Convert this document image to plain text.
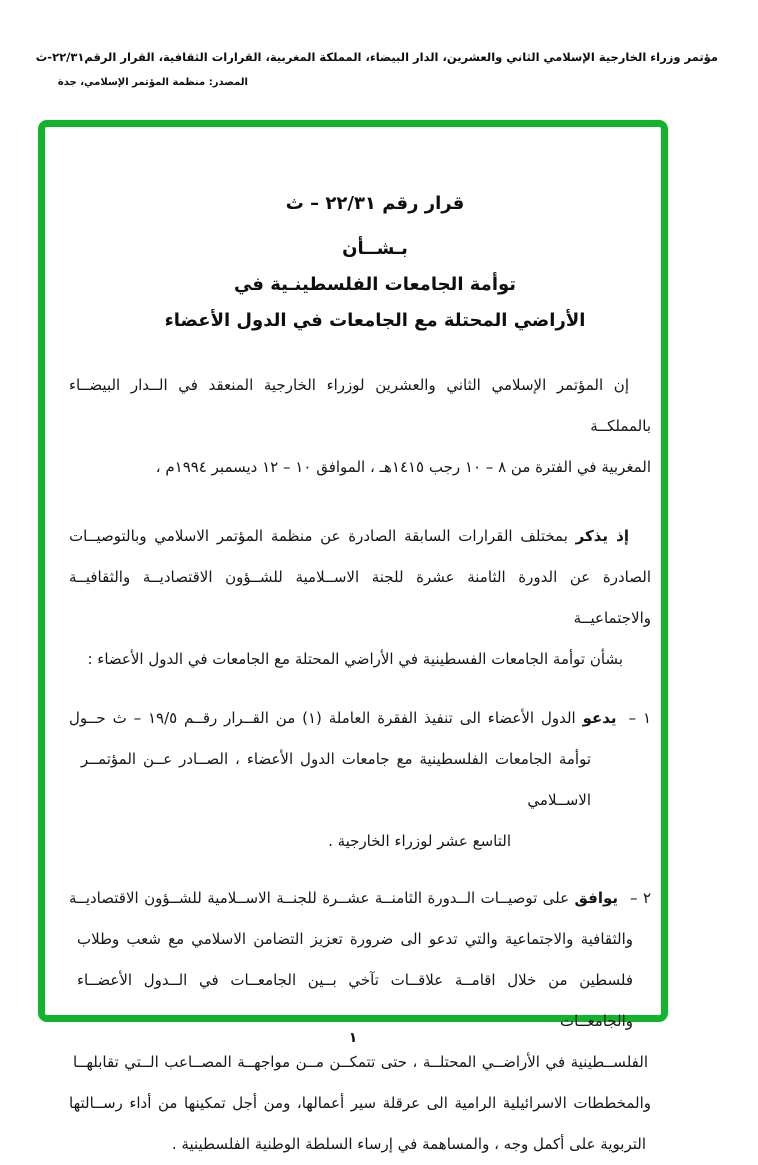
مؤتمر وزراء الخارجية الإسلامي الثاني والعشرين، الدار البيضاء، المملكة المغربية، القرارات الثقافية، القرار الرقم٢٢/٣١-ث
المصدر: منظمة المؤتمر الإسلامي، جدة
قرار رقم ٢٢/٣١ – ث
بـشــأن
توأمة الجامعات الفلسطينـية في
الأراضي المحتلة مع الجامعات في الدول الأعضاء
إن المؤتمر الإسلامي الثاني والعشرين لوزراء الخارجية المنعقد في الــدار البيضــاء بالمملكــة
المغربية في الفترة من ٨ – ١٠ رجب ١٤١٥هـ ، الموافق ١٠ – ١٢ ديسمبر ١٩٩٤م ،
إذ يذكر بمختلف القرارات السابقة الصادرة عن منظمة المؤتمر الاسلامي وبالتوصيــات
الصادرة عن الدورة الثامنة عشرة للجنة الاســلامية للشــؤون الاقتصاديــة والثقافيــة والاجتماعيــة
بشأن توأمة الجامعات الفسطينية في الأراضي المحتلة مع الجامعات في الدول الأعضاء :
١ –يدعو الدول الأعضاء الى تنفيذ الفقرة العاملة (١) من القــرار رقــم ١٩/٥ – ث حــول
توأمة الجامعات الفلسطينية مع جامعات الدول الأعضاء ، الصــادر عــن المؤتمــر الاســلامي
التاسع عشر لوزراء الخارجية .
٢ –يوافق على توصيــات الــدورة الثامنــة عشــرة للجنــة الاســلامية للشــؤون الاقتصاديــة
والثقافية والاجتماعية والتي تدعو الى ضرورة تعزيز التضامن الاسلامي مع شعب وطلاب
فلسطين من خلال اقامــة علاقــات تآخي بــين الجامعــات في الــدول الأعضــاء والجامعــات
الفلســطينية في الأراضــي المحتلــة ، حتى تتمكــن مــن مواجهــة المصــاعب الــتي تقابلهــا
والمخططات الاسرائيلية الرامية الى عرقلة سير أعمالها، ومن أجل تمكينها من أداء رســالتها
التربوية على أكمل وجه ، والمساهمة في إرساء السلطة الوطنية الفلسطينية .
١
